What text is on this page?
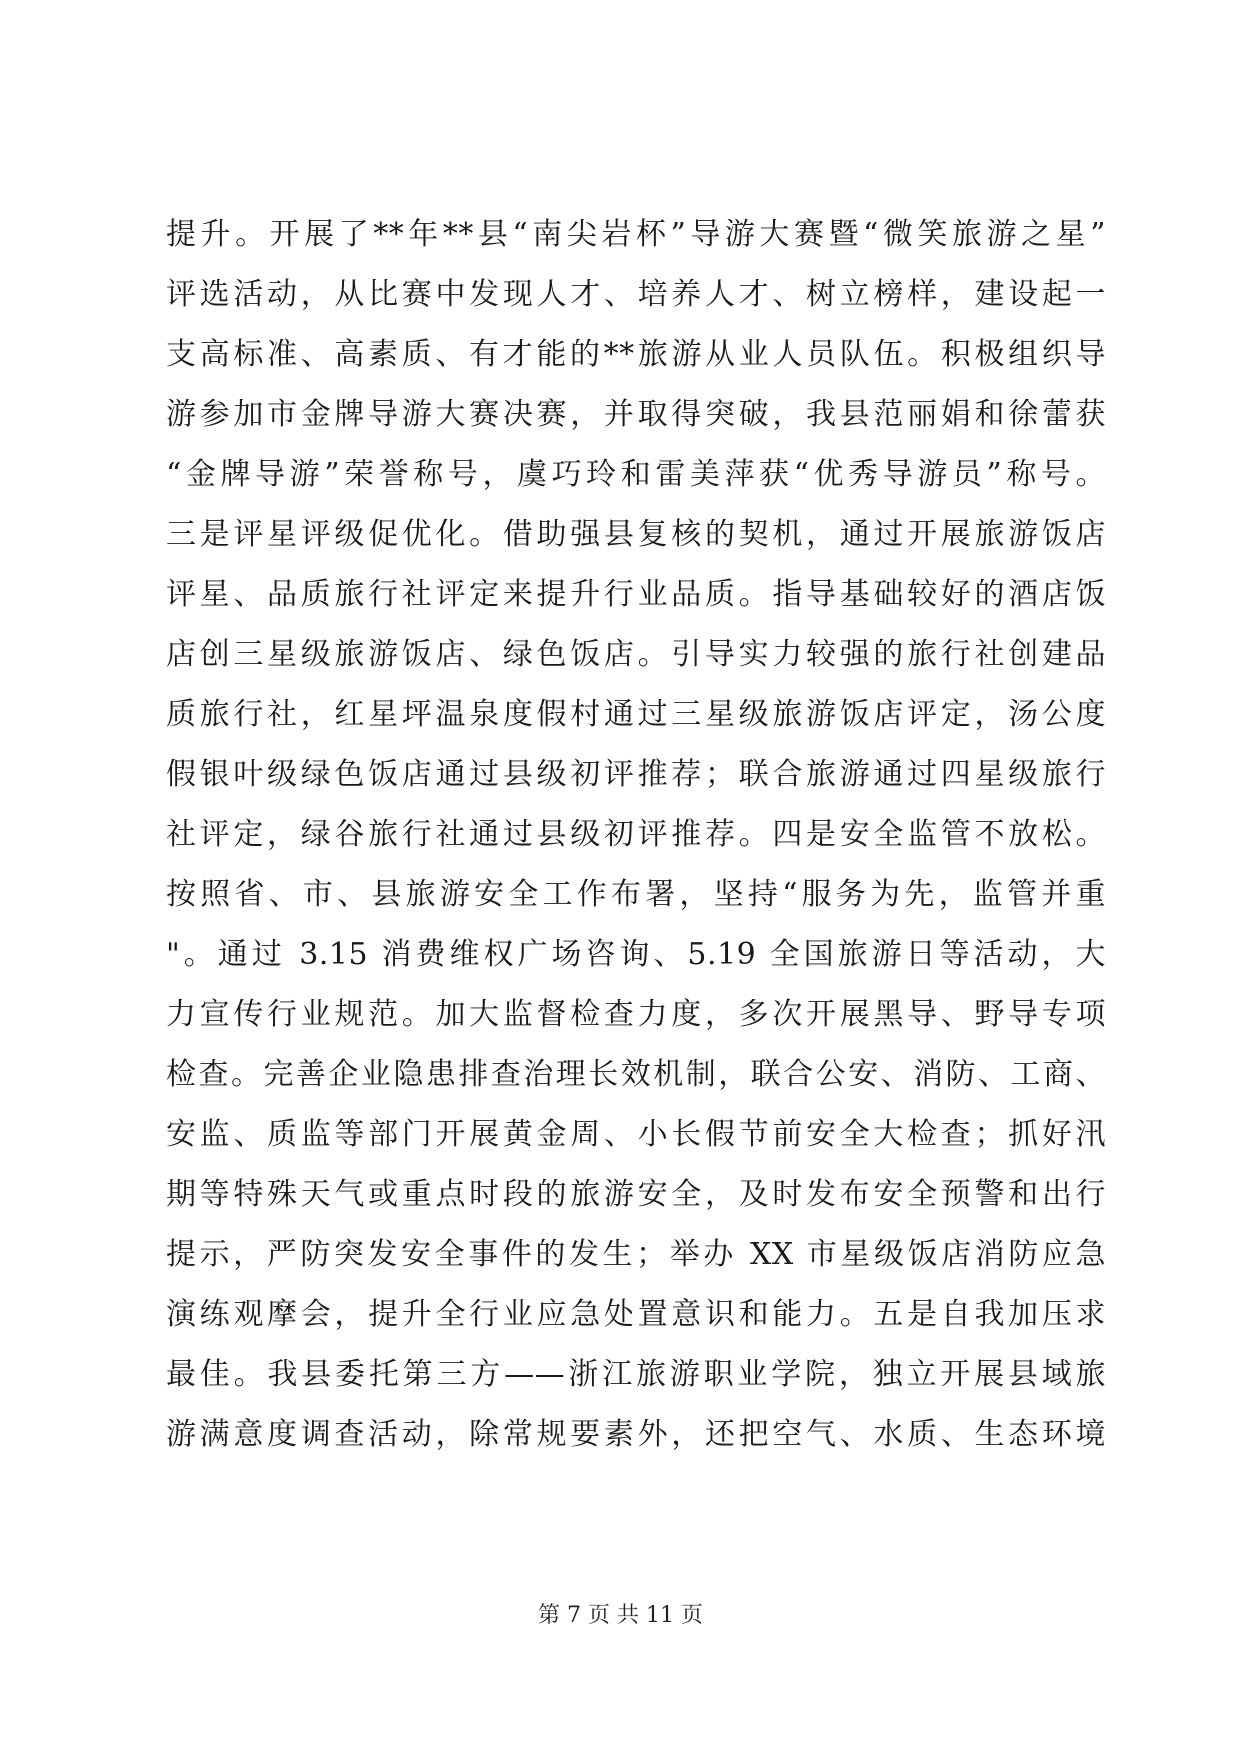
提升。开展了**年**县“南尖岩杯”导游大赛暨“微笑旅游之星”
评选活动，从比赛中发现人才、培养人才、树立榜样，建设起一
支高标准、高素质、有才能的**旅游从业人员队伍。积极组织导
游参加市金牌导游大赛决赛，并取得突破，我县范丽娟和徐蕾获
“金牌导游”荣誉称号，虞巧玲和雷美萍获“优秀导游员”称号。
三是评星评级促优化。借助强县复核的契机，通过开展旅游饭店
评星、品质旅行社评定来提升行业品质。指导基础较好的酒店饭
店创三星级旅游饭店、绿色饭店。引导实力较强的旅行社创建品
质旅行社，红星坪温泉度假村通过三星级旅游饭店评定，汤公度
假银叶级绿色饭店通过县级初评推荐；联合旅游通过四星级旅行
社评定，绿谷旅行社通过县级初评推荐。四是安全监管不放松。
按照省、市、县旅游安全工作布署，坚持“服务为先，监管并重
"。通过 3.15 消费维权广场咨询、5.19 全国旅游日等活动，大
力宣传行业规范。加大监督检查力度，多次开展黑导、野导专项
检查。完善企业隐患排查治理长效机制，联合公安、消防、工商、
安监、质监等部门开展黄金周、小长假节前安全大检查；抓好汛
期等特殊天气或重点时段的旅游安全，及时发布安全预警和出行
提示，严防突发安全事件的发生；举办 XX 市星级饭店消防应急
演练观摩会，提升全行业应急处置意识和能力。五是自我加压求
最佳。我县委托第三方——浙江旅游职业学院，独立开展县域旅
游满意度调查活动，除常规要素外，还把空气、水质、生态环境
第 7 页 共 11 页
